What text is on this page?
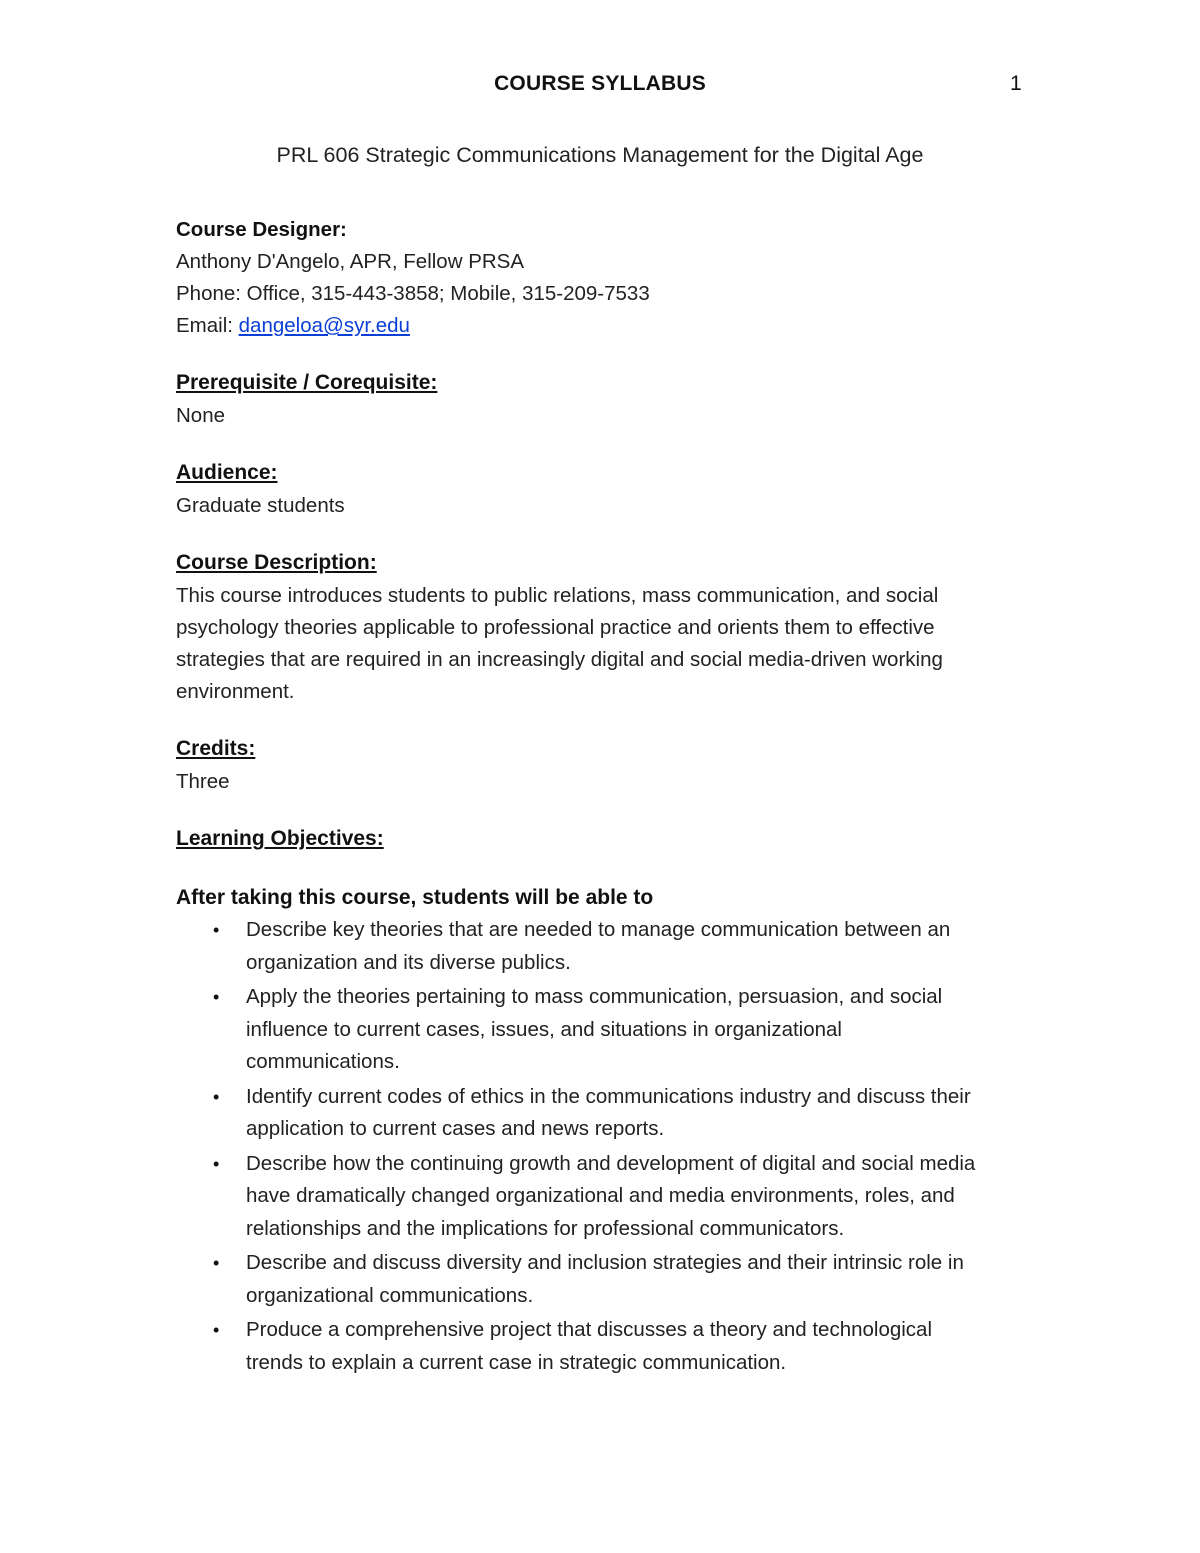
COURSE SYLLABUS	1
PRL 606 Strategic Communications Management for the Digital Age
Course Designer:
Anthony D'Angelo, APR, Fellow PRSA
Phone: Office, 315-443-3858; Mobile, 315-209-7533
Email: dangeloa@syr.edu
Prerequisite / Corequisite:
None
Audience:
Graduate students
Course Description:
This course introduces students to public relations, mass communication, and social
psychology theories applicable to professional practice and orients them to effective
strategies that are required in an increasingly digital and social media-driven working
environment.
Credits:
Three
Learning Objectives:
After taking this course, students will be able to
• Describe key theories that are needed to manage communication between an
organization and its diverse publics.
• Apply the theories pertaining to mass communication, persuasion, and social
influence to current cases, issues, and situations in organizational
communications.
• Identify current codes of ethics in the communications industry and discuss their
application to current cases and news reports.
• Describe how the continuing growth and development of digital and social media
have dramatically changed organizational and media environments, roles, and
relationships and the implications for professional communicators.
• Describe and discuss diversity and inclusion strategies and their intrinsic role in
organizational communications.
• Produce a comprehensive project that discusses a theory and technological
trends to explain a current case in strategic communication.
